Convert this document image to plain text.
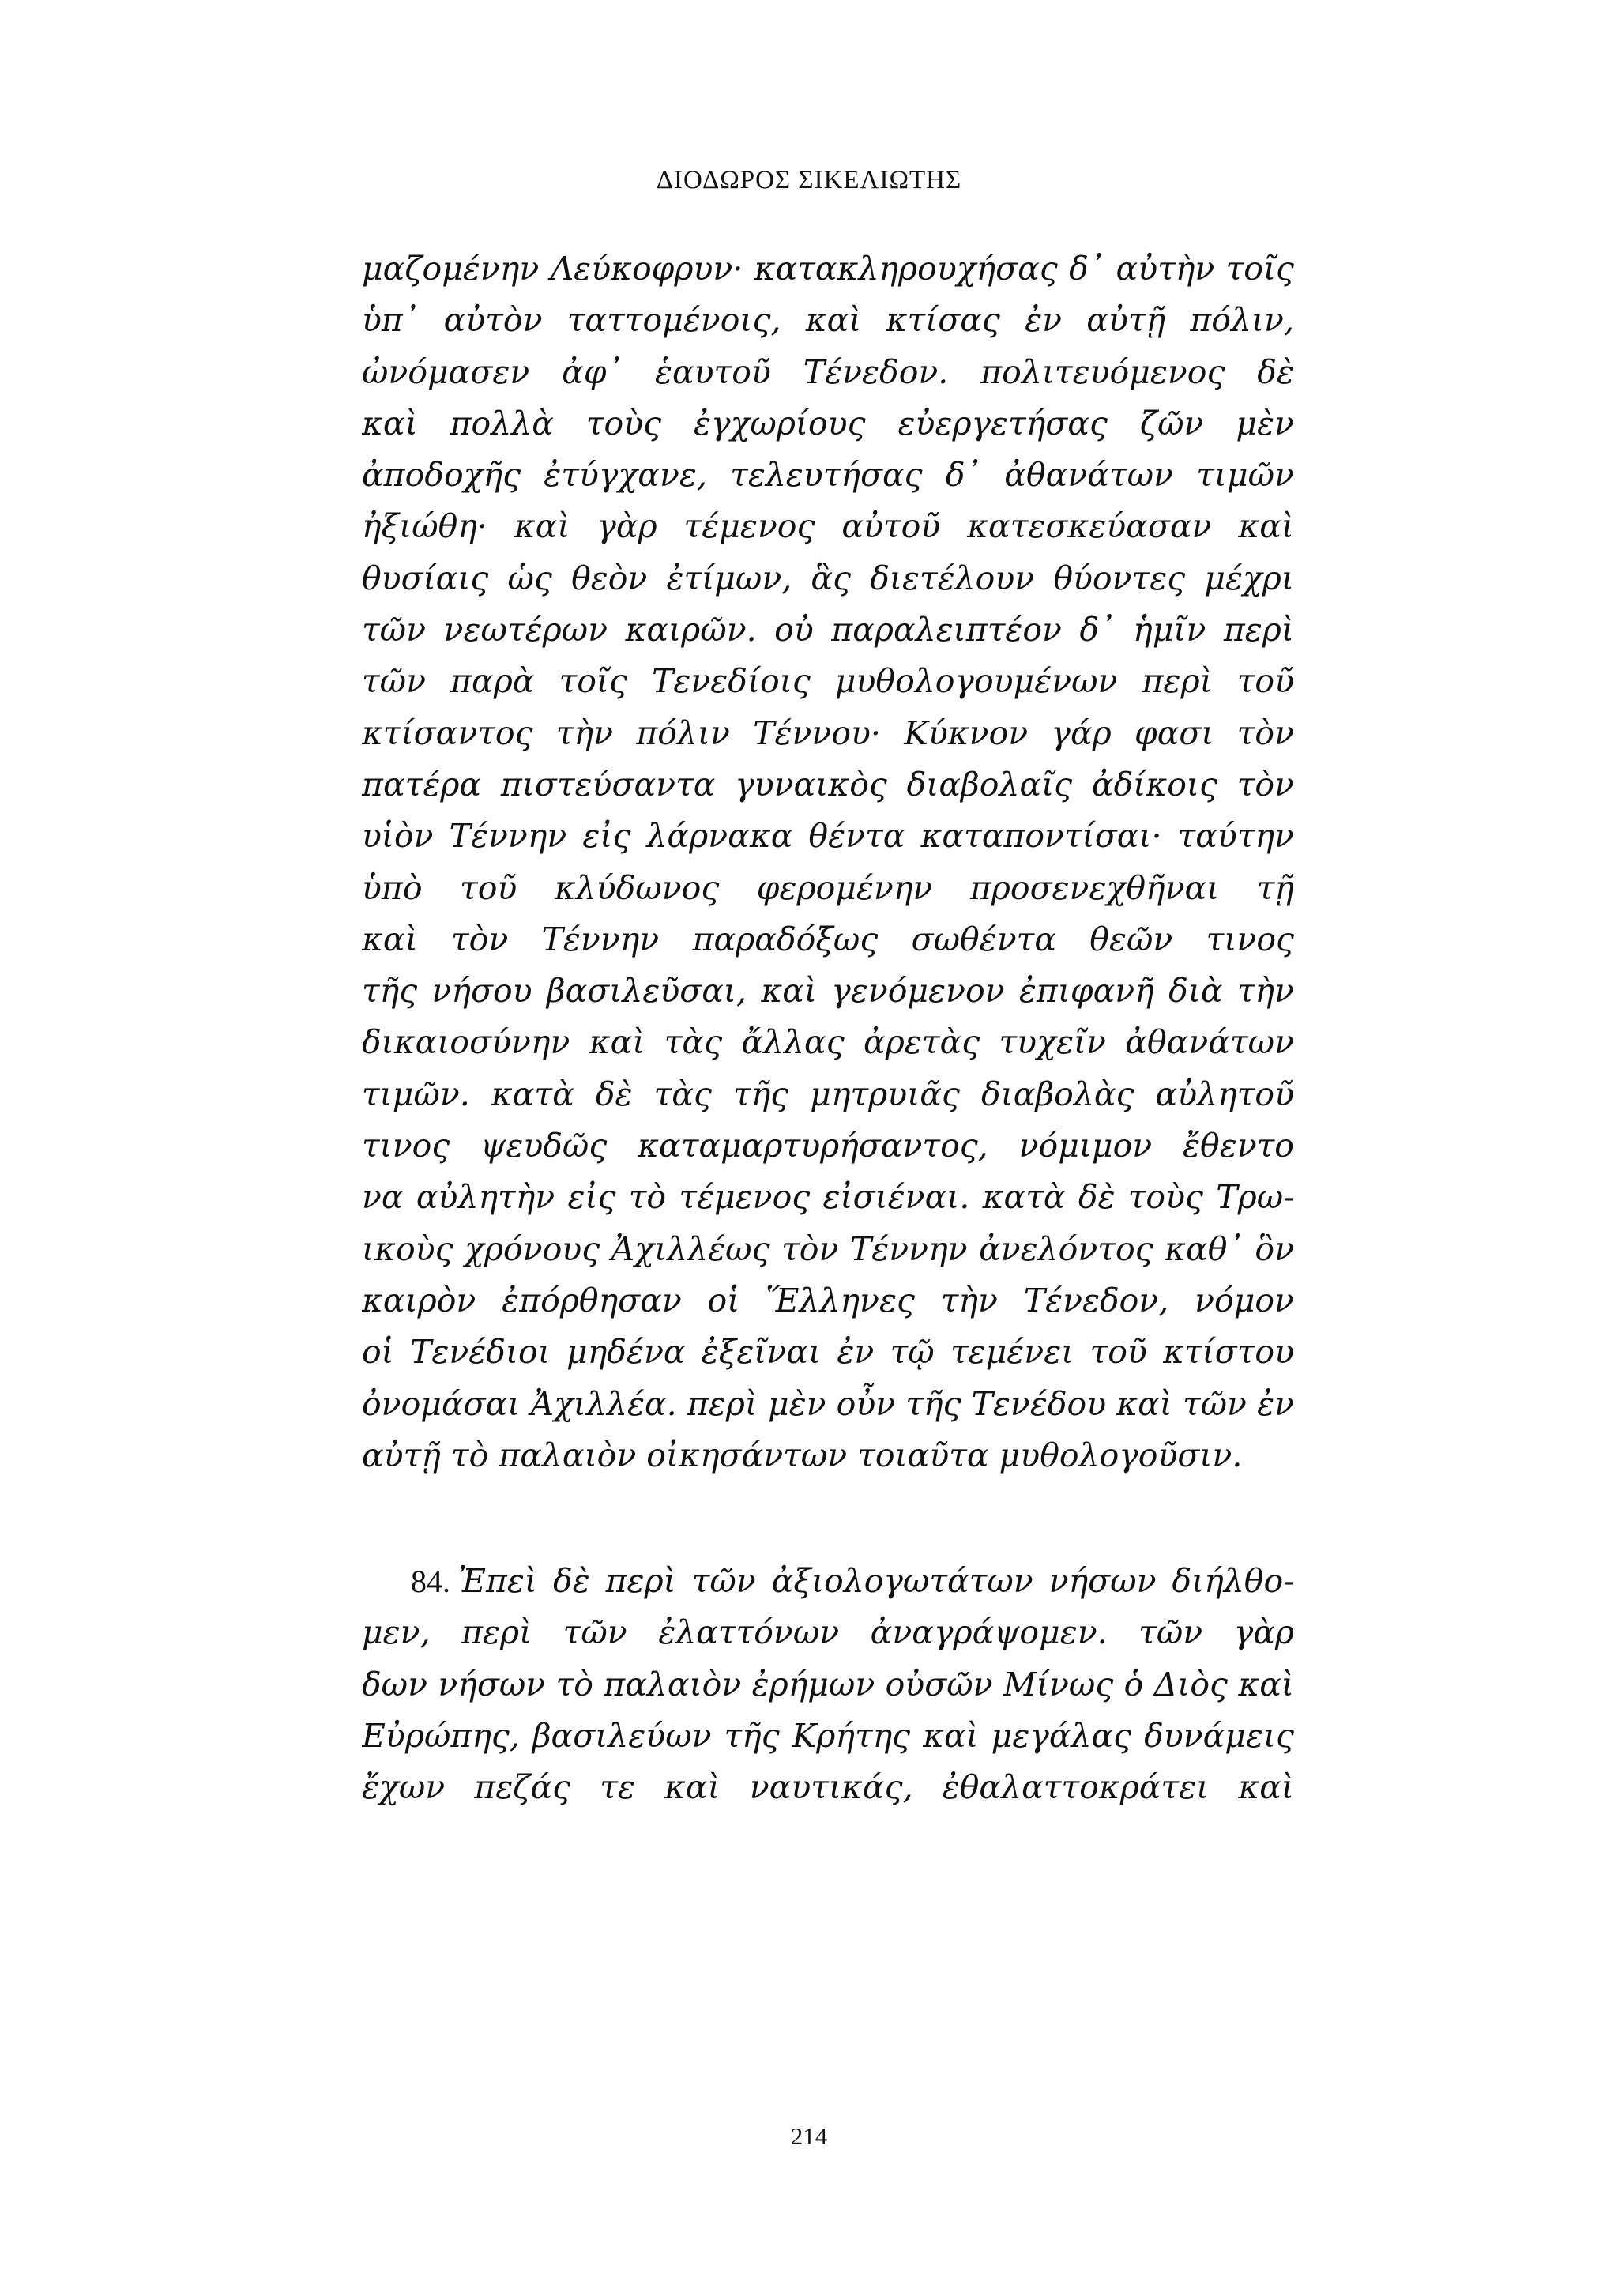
ΔΙΟΔΩΡΟΣ ΣΙΚΕΛΙΩΤΗΣ
μαζομένην Λεύκοφρυν· κατακληρουχήσας δ᾽ αὐτὴν τοῖς
ὑπ᾽ αὐτὸν ταττομένοις, καὶ κτίσας ἐν αὐτῇ πόλιν,
ὠνόμασεν ἀφ᾽ ἑαυτοῦ Τένεδον. πολιτευόμενος δὲ
καὶ πολλὰ τοὺς ἐγχωρίους εὐεργετήσας ζῶν μὲν
ἀποδοχῆς ἐτύγχανε, τελευτήσας δ᾽ ἀθανάτων τιμῶν
ἠξιώθη· καὶ γὰρ τέμενος αὐτοῦ κατεσκεύασαν καὶ
θυσίαις ὡς θεὸν ἐτίμων, ἃς διετέλουν θύοντες μέχρι
τῶν νεωτέρων καιρῶν. οὐ παραλειπτέον δ᾽ ἡμῖν περὶ
τῶν παρὰ τοῖς Τενεδίοις μυθολογουμένων περὶ τοῦ
κτίσαντος τὴν πόλιν Τέννου· Κύκνον γάρ φασι τὸν
πατέρα πιστεύσαντα γυναικὸς διαβολαῖς ἀδίκοις τὸν
υἱὸν Τέννην εἰς λάρνακα θέντα καταποντίσαι· ταύτην
ὑπὸ τοῦ κλύδωνος φερομένην προσενεχθῆναι τῇ
καὶ τὸν Τέννην παραδόξως σωθέντα θεῶν τινος
τῆς νήσου βασιλεῦσαι, καὶ γενόμενον ἐπιφανῆ διὰ τὴν
δικαιοσύνην καὶ τὰς ἄλλας ἀρετὰς τυχεῖν ἀθανάτων
τιμῶν. κατὰ δὲ τὰς τῆς μητρυιᾶς διαβολὰς αὐλητοῦ
τινος ψευδῶς καταμαρτυρήσαντος, νόμιμον ἔθεντο
να αὐλητὴν εἰς τὸ τέμενος εἰσιέναι. κατὰ δὲ τοὺς Τρω-
ικοὺς χρόνους Ἀχιλλέως τὸν Τέννην ἀνελόντος καθ᾽ ὃν
καιρὸν ἐπόρθησαν οἱ Ἕλληνες τὴν Τένεδον, νόμον
οἱ Τενέδιοι μηδένα ἐξεῖναι ἐν τῷ τεμένει τοῦ κτίστου
ὀνομάσαι Ἀχιλλέα. περὶ μὲν οὖν τῆς Τενέδου καὶ τῶν ἐν
αὐτῇ τὸ παλαιὸν οἰκησάντων τοιαῦτα μυθολογοῦσιν.
84. Ἐπεὶ δὲ περὶ τῶν ἀξιολογωτάτων νήσων διήλθο-
μεν, περὶ τῶν ἐλαττόνων ἀναγράψομεν. τῶν γὰρ
δων νήσων τὸ παλαιὸν ἐρήμων οὐσῶν Μίνως ὁ Διὸς καὶ
Εὐρώπης, βασιλεύων τῆς Κρήτης καὶ μεγάλας δυνάμεις
ἔχων πεζάς τε καὶ ναυτικάς, ἐθαλαττοκράτει καὶ
214
